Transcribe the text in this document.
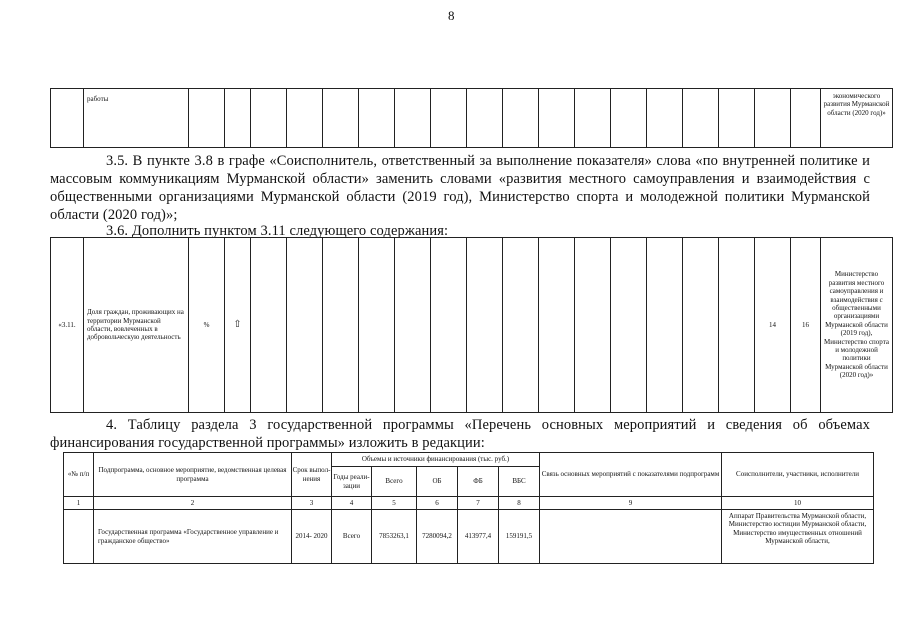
8
	работы																			экономического развития Мурманской области (2020 год)»
3.5. В пункте 3.8 в графе «Соисполнитель, ответственный за выполнение показателя» слова «по внутренней политике и массовым коммуникациям Мурманской области» заменить словами «развития местного самоуправления и взаимодействия с общественными организациями Мурманской области (2019 год), Министерство спорта и молодежной политики Мурманской области (2020 год)»;
3.6. Дополнить пунктом 3.11 следующего содержания:
«3.11.	Доля граждан, проживающих на территории Мурманской области, вовлеченных в добровольческую деятельность	%	⇧															14	16	Министерство развития местного самоуправления и взаимодействия с общественными организациями Мурманской области (2019 год), Министерство спорта и молодежной политики Мурманской области (2020 год)»
4. Таблицу раздела 3 государственной программы «Перечень основных мероприятий и сведения об объемах финансирования государственной программы» изложить в редакции:
«№ п/п	Подпрограмма, основное мероприятие, ведомственная целевая программа	Срок выпол- нения	Объемы и источники финансирования (тыс. руб.)					Связь основных мероприятий с показателями подпрограмм	Соисполнители, участники, исполнители
			Годы реали- зации	Всего	ОБ	ФБ	ВБС		
1	2	3	4	5	6	7	8	9	10
	Государственная программа «Государственное управление и гражданское общество»	2014- 2020	Всего	7853263,1	7280094,2	413977,4	159191,5		Аппарат Правительства Мурманской области, Министерство юстиции Мурманской области, Министерство имущественных отношений Мурманской области,
